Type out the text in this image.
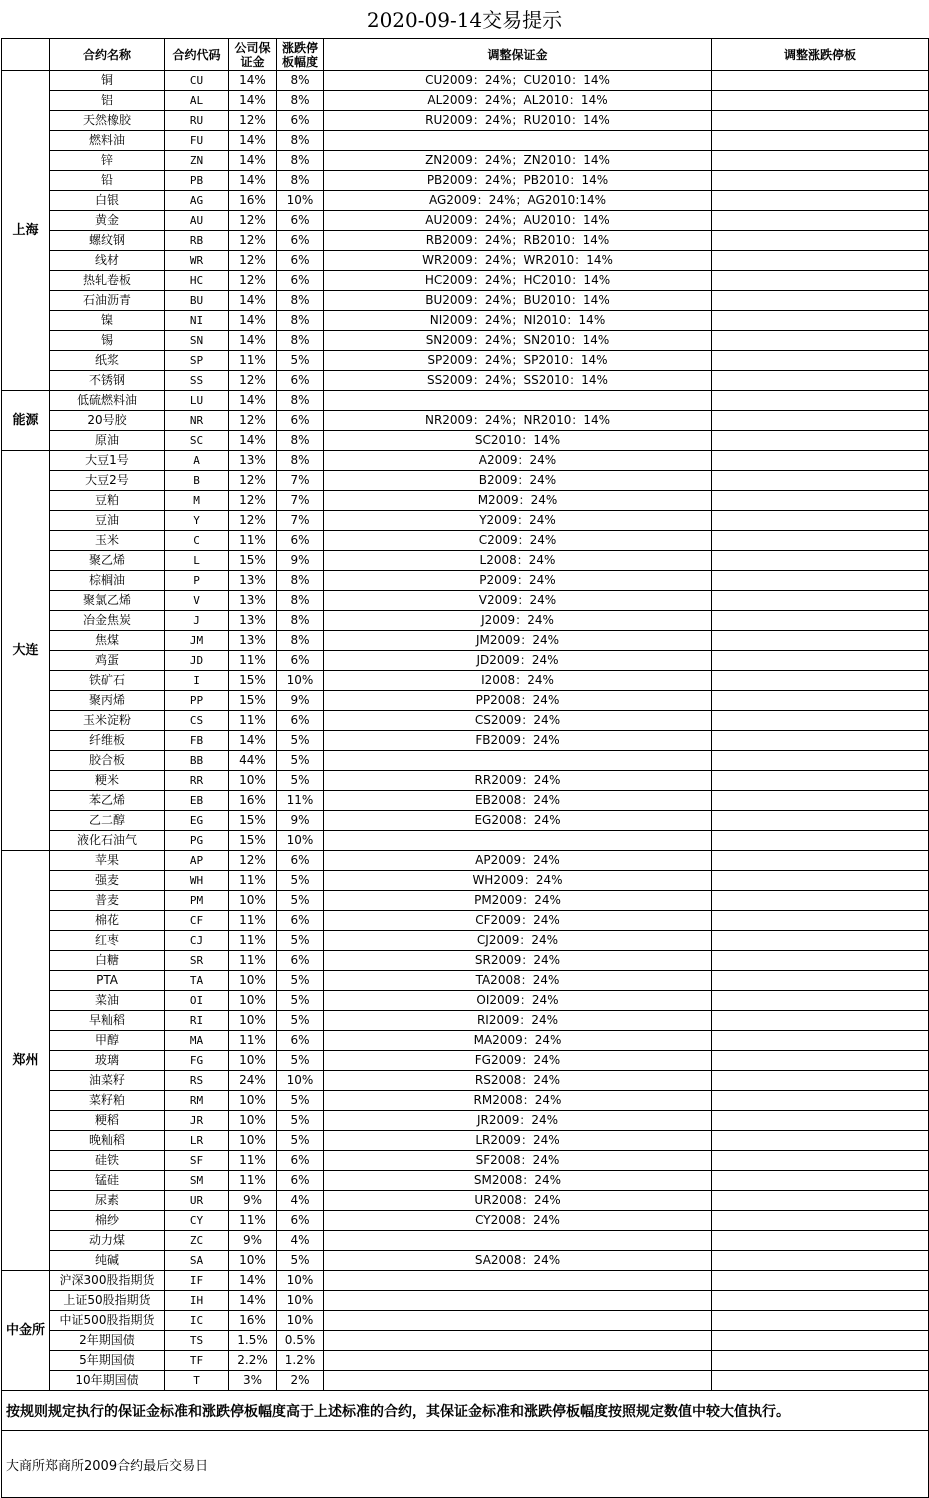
2020-09-14交易提示
	合约名称	合约代码	公司保证金	涨跌停板幅度	调整保证金	调整涨跌停板
上海	铜	CU	14%	8%	CU2009：24%；CU2010：14%	
	铝	AL	14%	8%	AL2009：24%；AL2010：14%	
	天然橡胶	RU	12%	6%	RU2009：24%；RU2010：14%	
	燃料油	FU	14%	8%		
	锌	ZN	14%	8%	ZN2009：24%；ZN2010：14%	
	铅	PB	14%	8%	PB2009：24%；PB2010：14%	
	白银	AG	16%	10%	AG2009：24%；AG2010:14%	
	黄金	AU	12%	6%	AU2009：24%；AU2010：14%	
	螺纹钢	RB	12%	6%	RB2009：24%；RB2010：14%	
	线材	WR	12%	6%	WR2009：24%；WR2010：14%	
	热轧卷板	HC	12%	6%	HC2009：24%；HC2010：14%	
	石油沥青	BU	14%	8%	BU2009：24%；BU2010：14%	
	镍	NI	14%	8%	NI2009：24%；NI2010：14%	
	锡	SN	14%	8%	SN2009：24%；SN2010：14%	
	纸浆	SP	11%	5%	SP2009：24%；SP2010：14%	
	不锈钢	SS	12%	6%	SS2009：24%；SS2010：14%	
能源	低硫燃料油	LU	14%	8%		
	20号胶	NR	12%	6%	NR2009：24%；NR2010：14%	
	原油	SC	14%	8%	SC2010：14%	
大连	大豆1号	A	13%	8%	A2009：24%	
	大豆2号	B	12%	7%	B2009：24%	
	豆粕	M	12%	7%	M2009：24%	
	豆油	Y	12%	7%	Y2009：24%	
	玉米	C	11%	6%	C2009：24%	
	聚乙烯	L	15%	9%	L2008：24%	
	棕榈油	P	13%	8%	P2009：24%	
	聚氯乙烯	V	13%	8%	V2009：24%	
	冶金焦炭	J	13%	8%	J2009：24%	
	焦煤	JM	13%	8%	JM2009：24%	
	鸡蛋	JD	11%	6%	JD2009：24%	
	铁矿石	I	15%	10%	I2008：24%	
	聚丙烯	PP	15%	9%	PP2008：24%	
	玉米淀粉	CS	11%	6%	CS2009：24%	
	纤维板	FB	14%	5%	FB2009：24%	
	胶合板	BB	44%	5%		
	粳米	RR	10%	5%	RR2009：24%	
	苯乙烯	EB	16%	11%	EB2008：24%	
	乙二醇	EG	15%	9%	EG2008：24%	
	液化石油气	PG	15%	10%		
郑州	苹果	AP	12%	6%	AP2009：24%	
	强麦	WH	11%	5%	WH2009：24%	
	普麦	PM	10%	5%	PM2009：24%	
	棉花	CF	11%	6%	CF2009：24%	
	红枣	CJ	11%	5%	CJ2009：24%	
	白糖	SR	11%	6%	SR2009：24%	
	PTA	TA	10%	5%	TA2008：24%	
	菜油	OI	10%	5%	OI2009：24%	
	早籼稻	RI	10%	5%	RI2009：24%	
	甲醇	MA	11%	6%	MA2009：24%	
	玻璃	FG	10%	5%	FG2009：24%	
	油菜籽	RS	24%	10%	RS2008：24%	
	菜籽粕	RM	10%	5%	RM2008：24%	
	粳稻	JR	10%	5%	JR2009：24%	
	晚籼稻	LR	10%	5%	LR2009：24%	
	硅铁	SF	11%	6%	SF2008：24%	
	锰硅	SM	11%	6%	SM2008：24%	
	尿素	UR	9%	4%	UR2008：24%	
	棉纱	CY	11%	6%	CY2008：24%	
	动力煤	ZC	9%	4%		
	纯碱	SA	10%	5%	SA2008：24%	
中金所	沪深300股指期货	IF	14%	10%		
	上证50股指期货	IH	14%	10%		
	中证500股指期货	IC	16%	10%		
	2年期国债	TS	1.5%	0.5%		
	5年期国债	TF	2.2%	1.2%		
	10年期国债	T	3%	2%		
按规则规定执行的保证金标准和涨跌停板幅度高于上述标准的合约，其保证金标准和涨跌停板幅度按照规定数值中较大值执行。						
大商所郑商所2009合约最后交易日						
